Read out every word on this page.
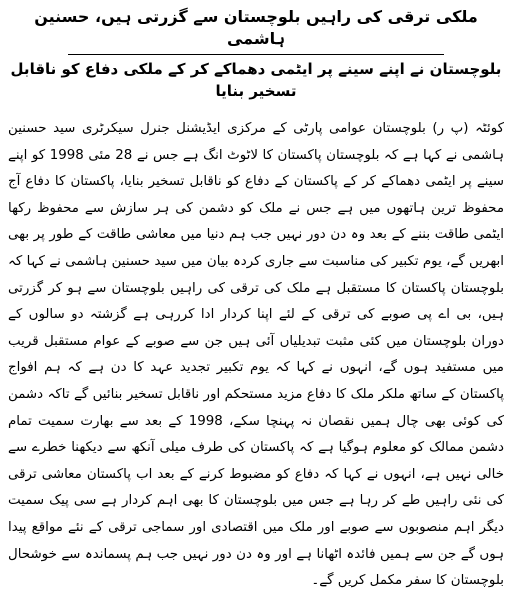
ملکی ترقی کی راہیں بلوچستان سے گزرتی ہیں، حسنین ہاشمی
بلوچستان نے اپنے سینے پر ایٹمی دھماکے کر کے ملکی دفاع کو ناقابل تسخیر بنایا

کوئٹہ (پ ر) بلوچستان عوامی پارٹی کے مرکزی ایڈیشنل جنرل سیکرٹری سید حسنین ہاشمی نے کہا ہے کہ بلوچستان پاکستان کا لاٹوٹ انگ ہے جس نے 28 مئی 1998 کو اپنے سینے پر ایٹمی دھماکے کر کے پاکستان کے دفاع کو ناقابل تسخیر بنایا، پاکستان کا دفاع آج محفوظ ترین ہاتھوں میں ہے جس نے ملک کو دشمن کی ہر سازش سے محفوظ رکھا ایٹمی طاقت بننے کے بعد وہ دن دور نہیں جب ہم دنیا میں معاشی طاقت کے طور پر بھی ابھریں گے، یوم تکبیر کی مناسبت سے جاری کردہ بیان میں سید حسنین ہاشمی نے کہا کہ بلوچستان پاکستان کا مستقبل ہے ملک کی ترقی کی راہیں بلوچستان سے ہو کر گزرتی ہیں، بی اے پی صوبے کی ترقی کے لئے اپنا کردار ادا کررہی ہے گزشتہ دو سالوں کے دوران بلوچستان میں کئی مثبت تبدیلیاں آئی ہیں جن سے صوبے کے عوام مستقبل قریب میں مستفید ہوں گے، انہوں نے کہا کہ یوم تکبیر تجدید عہد کا دن ہے کہ ہم افواج پاکستان کے ساتھ ملکر ملک کا دفاع مزید مستحکم اور ناقابل تسخیر بنائیں گے تاکہ دشمن کی کوئی بھی چال ہمیں نقصان نہ پہنچا سکے، 1998 کے بعد سے بھارت سمیت تمام دشمن ممالک کو معلوم ہوگیا ہے کہ پاکستان کی طرف میلی آنکھ سے دیکھنا خطرے سے خالی نہیں ہے، انہوں نے کہا کہ دفاع کو مضبوط کرنے کے بعد اب پاکستان معاشی ترقی کی نئی راہیں طے کر رہا ہے جس میں بلوچستان کا بھی اہم کردار ہے سی پیک سمیت دیگر اہم منصوبوں سے صوبے اور ملک میں اقتصادی اور سماجی ترقی کے نئے مواقع پیدا ہوں گے جن سے ہمیں فائدہ اٹھانا ہے اور وہ دن دور نہیں جب ہم پسماندہ سے خوشحال بلوچستان کا سفر مکمل کریں گے۔
